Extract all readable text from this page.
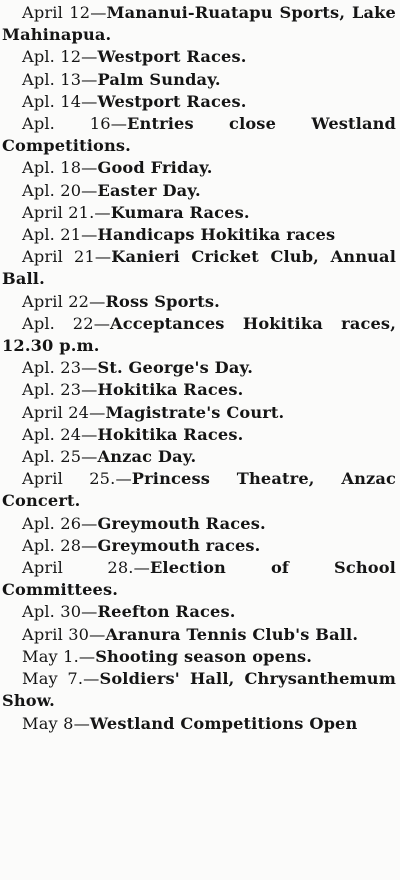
April 12—Mananui-Ruatapu Sports, Lake Mahinapua.
Apl. 12—Westport Races.
Apl. 13—Palm Sunday.
Apl. 14—Westport Races.
Apl. 16—Entries close Westland Competitions.
Apl. 18—Good Friday.
Apl. 20—Easter Day.
April 21.—Kumara Races.
Apl. 21—Handicaps Hokitika races
April 21—Kanieri Cricket Club, Annual Ball.
April 22—Ross Sports.
Apl. 22—Acceptances Hokitika races, 12.30 p.m.
Apl. 23—St. George's Day.
Apl. 23—Hokitika Races.
April 24—Magistrate's Court.
Apl. 24—Hokitika Races.
Apl. 25—Anzac Day.
April 25.—Princess Theatre, Anzac Concert.
Apl. 26—Greymouth Races.
Apl. 28—Greymouth races.
April 28.—Election of School Committees.
Apl. 30—Reefton Races.
April 30—Aranura Tennis Club's Ball.
May 1.—Shooting season opens.
May 7.—Soldiers' Hall, Chrysanthemum Show.
May 8—Westland Competitions Open
